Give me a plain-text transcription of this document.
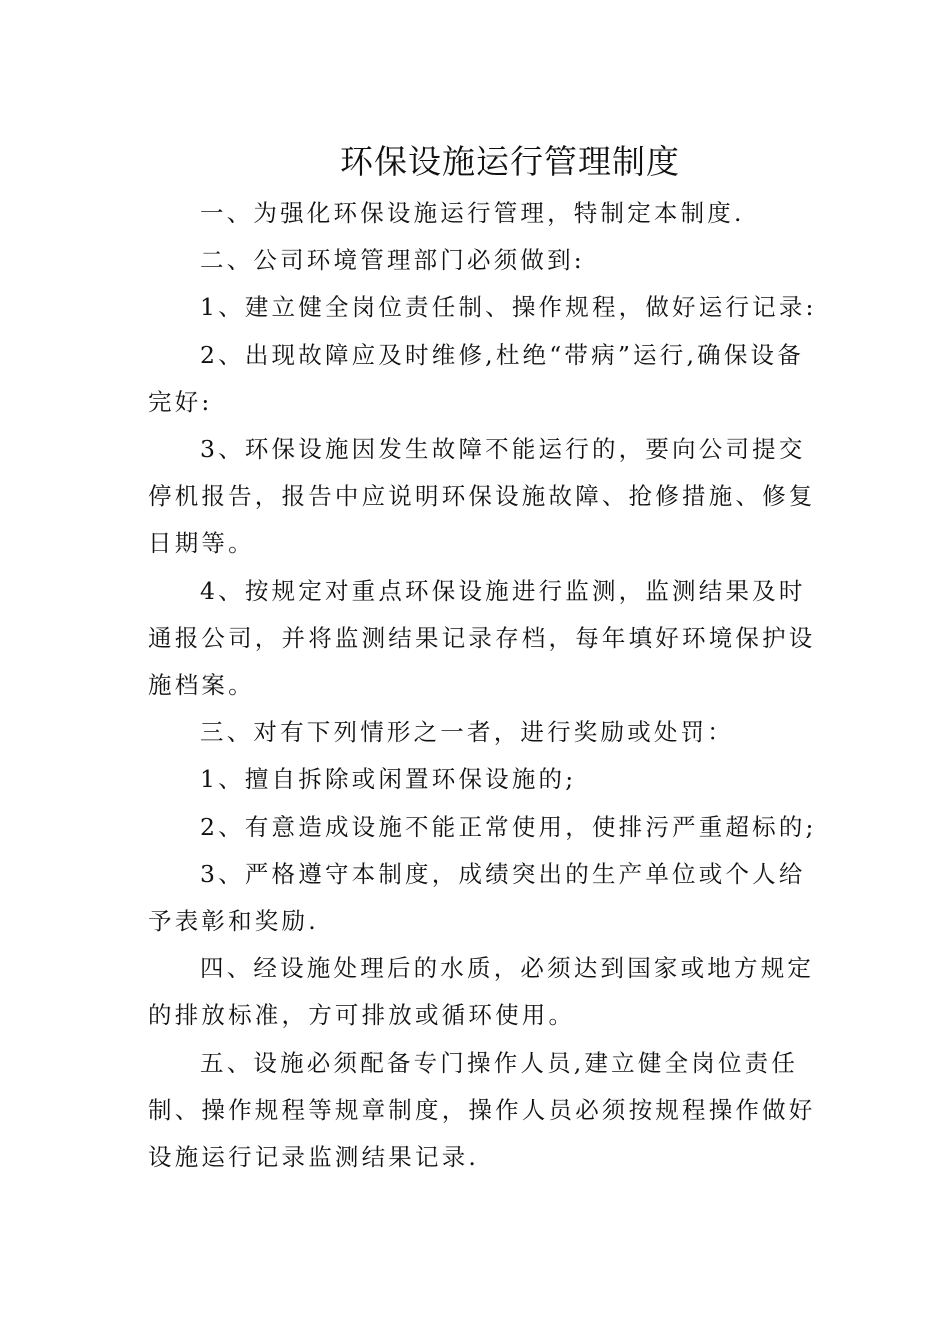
环保设施运行管理制度

一、为强化环保设施运行管理，特制定本制度.

二、公司环境管理部门必须做到:

1、建立健全岗位责任制、操作规程，做好运行记录:

2、出现故障应及时维修,杜绝“带病”运行,确保设备完好:

3、环保设施因发生故障不能运行的，要向公司提交停机报告，报告中应说明环保设施故障、抢修措施、修复日期等。

4、按规定对重点环保设施进行监测，监测结果及时通报公司，并将监测结果记录存档，每年填好环境保护设施档案。

三、对有下列情形之一者，进行奖励或处罚：

1、擅自拆除或闲置环保设施的;

2、有意造成设施不能正常使用，使排污严重超标的;

3、严格遵守本制度，成绩突出的生产单位或个人给予表彰和奖励.

四、经设施处理后的水质，必须达到国家或地方规定的排放标准，方可排放或循环使用。

五、设施必须配备专门操作人员,建立健全岗位责任制、操作规程等规章制度，操作人员必须按规程操作做好设施运行记录监测结果记录.
